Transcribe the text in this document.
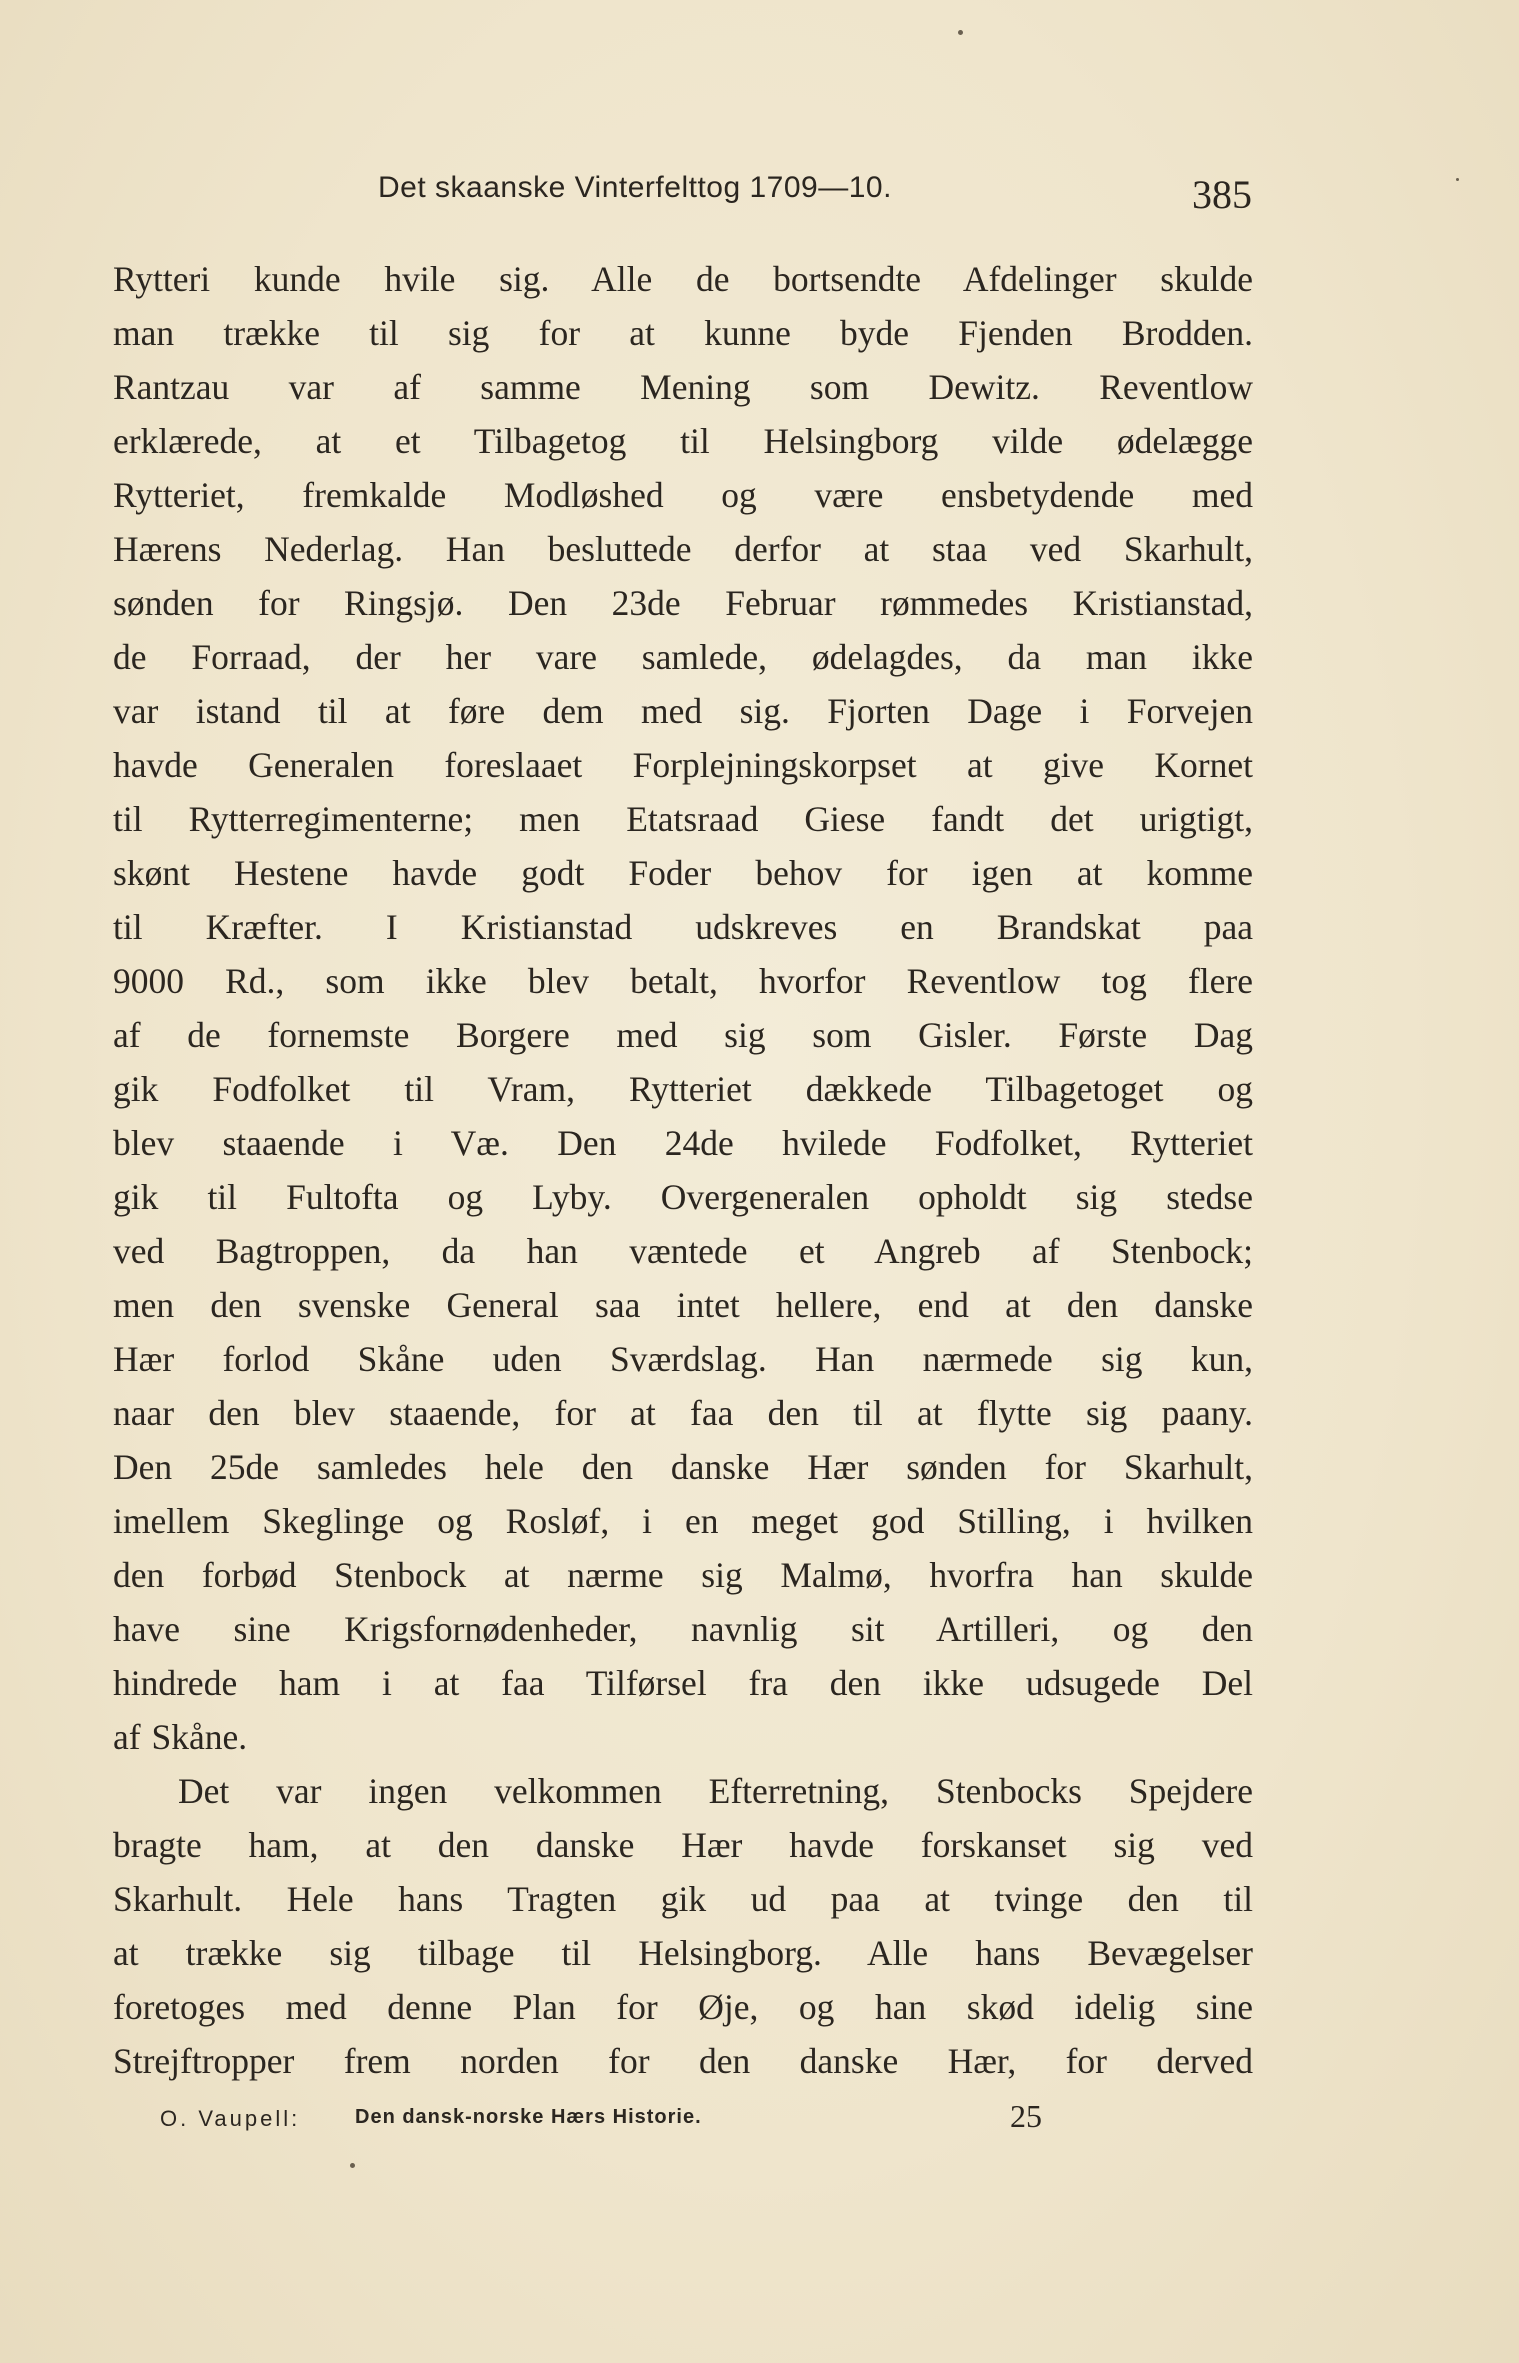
Det skaanske Vinterfelttog 1709—10.	385
Rytteri kunde hvile sig. Alle de bortsendte Afdelinger skulde
man trække til sig for at kunne byde Fjenden Brodden.
Rantzau var af samme Mening som Dewitz. Reventlow
erklærede, at et Tilbagetog til Helsingborg vilde ødelægge
Rytteriet, fremkalde Modløshed og være ensbetydende med
Hærens Nederlag. Han besluttede derfor at staa ved Skarhult,
sønden for Ringsjø. Den 23de Februar rømmedes Kristianstad,
de Forraad, der her vare samlede, ødelagdes, da man ikke
var istand til at føre dem med sig. Fjorten Dage i Forvejen
havde Generalen foreslaaet Forplejningskorpset at give Kornet
til Rytterregimenterne; men Etatsraad Giese fandt det urigtigt,
skønt Hestene havde godt Foder behov for igen at komme
til Kræfter. I Kristianstad udskreves en Brandskat paa
9000 Rd., som ikke blev betalt, hvorfor Reventlow tog flere
af de fornemste Borgere med sig som Gisler. Første Dag
gik Fodfolket til Vram, Rytteriet dækkede Tilbagetoget og
blev staaende i Væ. Den 24de hvilede Fodfolket, Rytteriet
gik til Fultofta og Lyby. Overgeneralen opholdt sig stedse
ved Bagtroppen, da han væntede et Angreb af Stenbock;
men den svenske General saa intet hellere, end at den danske
Hær forlod Skåne uden Sværdslag. Han nærmede sig kun,
naar den blev staaende, for at faa den til at flytte sig paany.
Den 25de samledes hele den danske Hær sønden for Skarhult,
imellem Skeglinge og Rosløf, i en meget god Stilling, i hvilken
den forbød Stenbock at nærme sig Malmø, hvorfra han skulde
have sine Krigsfornødenheder, navnlig sit Artilleri, og den
hindrede ham i at faa Tilførsel fra den ikke udsugede Del
af Skåne.
Det var ingen velkommen Efterretning, Stenbocks Spejdere
bragte ham, at den danske Hær havde forskanset sig ved
Skarhult. Hele hans Tragten gik ud paa at tvinge den til
at trække sig tilbage til Helsingborg. Alle hans Bevægelser
foretoges med denne Plan for Øje, og han skød idelig sine
Strejftropper frem norden for den danske Hær, for derved
O. Vaupell:	Den dansk-norske Hærs Historie.	25
